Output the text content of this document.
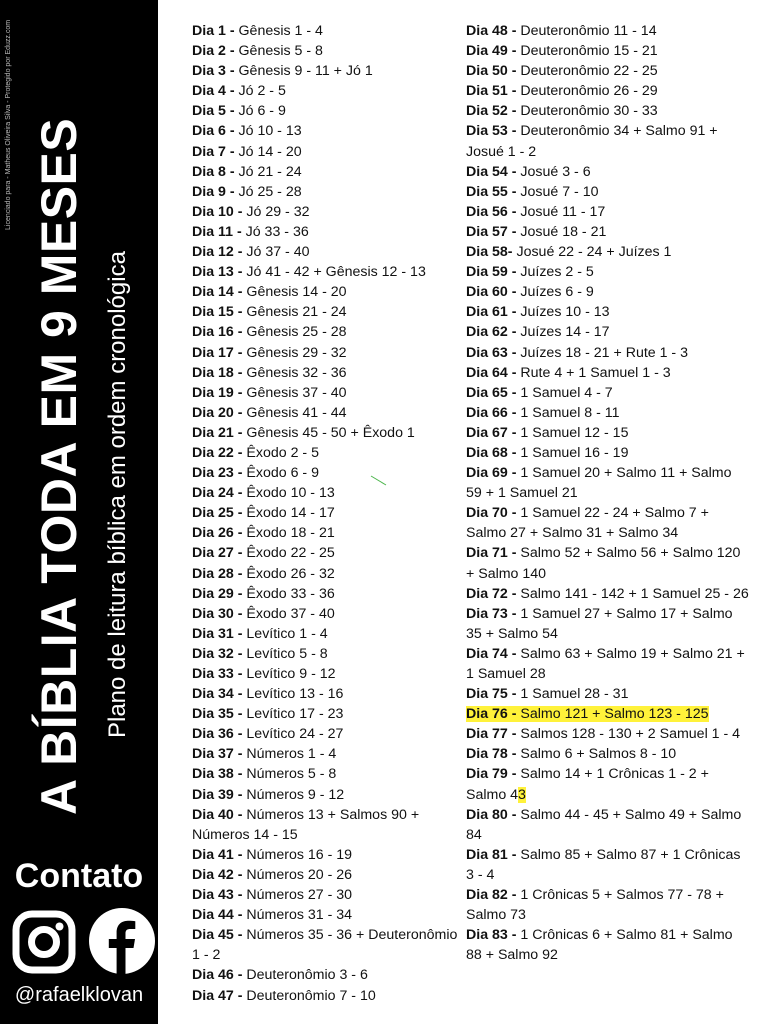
A BÍBLIA TODA EM 9 MESES Plano de leitura bíblica em ordem cronológica
Licenciado para - Matheus Oliveira Silva - Protegido por Eduzz.com
Contato
@rafaelklovan
Dia 1 - Gênesis 1 - 4
Dia 2 - Gênesis 5 - 8
Dia 3 - Gênesis 9 - 11 + Jó 1
Dia 4 - Jó 2 - 5
Dia 5 - Jó 6 - 9
Dia 6 - Jó 10 - 13
Dia 7 - Jó 14 - 20
Dia 8 - Jó 21 - 24
Dia 9 - Jó 25 - 28
Dia 10 - Jó 29 - 32
Dia 11 - Jó 33 - 36
Dia 12 - Jó 37 - 40
Dia 13 - Jó 41 - 42 + Gênesis 12 - 13
Dia 14 - Gênesis 14 - 20
Dia 15 - Gênesis 21 - 24
Dia 16 - Gênesis 25 - 28
Dia 17 - Gênesis 29 - 32
Dia 18 - Gênesis 32 - 36
Dia 19 - Gênesis 37 - 40
Dia 20 - Gênesis 41 - 44
Dia 21 - Gênesis 45 - 50 + Êxodo 1
Dia 22 - Êxodo 2 - 5
Dia 23 - Êxodo 6 - 9
Dia 24 - Êxodo 10 - 13
Dia 25 - Êxodo 14 - 17
Dia 26 - Êxodo 18 - 21
Dia 27 - Êxodo 22 - 25
Dia 28 - Êxodo 26 - 32
Dia 29 - Êxodo 33 - 36
Dia 30 - Êxodo 37 - 40
Dia 31 - Levítico 1 - 4
Dia 32 - Levítico 5 - 8
Dia 33 - Levítico 9 - 12
Dia 34 - Levítico 13 - 16
Dia 35 - Levítico 17 - 23
Dia 36 - Levítico 24 - 27
Dia 37 - Números 1 - 4
Dia 38 - Números 5 - 8
Dia 39 - Números 9 - 12
Dia 40 - Números 13 + Salmos 90 + Números 14 - 15
Dia 41 - Números 16 - 19
Dia 42 - Números 20 - 26
Dia 43 - Números 27 - 30
Dia 44 - Números 31 - 34
Dia 45 - Números 35 - 36 + Deuteronômio 1 - 2
Dia 46 - Deuteronômio 3 - 6
Dia 47 - Deuteronômio 7 - 10
Dia 48 - Deuteronômio 11 - 14
Dia 49 - Deuteronômio 15 - 21
Dia 50 - Deuteronômio 22 - 25
Dia 51 - Deuteronômio 26 - 29
Dia 52 - Deuteronômio 30 - 33
Dia 53 - Deuteronômio 34 + Salmo 91 + Josué 1 - 2
Dia 54 - Josué 3 - 6
Dia 55 - Josué 7 - 10
Dia 56 - Josué 11 - 17
Dia 57 - Josué 18 - 21
Dia 58- Josué 22 - 24 + Juízes 1
Dia 59 - Juízes 2 - 5
Dia 60 - Juízes 6 - 9
Dia 61 - Juízes 10 - 13
Dia 62 - Juízes 14 - 17
Dia 63 - Juízes 18 - 21 + Rute 1 - 3
Dia 64 - Rute 4 + 1 Samuel 1 - 3
Dia 65 - 1 Samuel 4 - 7
Dia 66 - 1 Samuel 8 - 11
Dia 67 - 1 Samuel 12 - 15
Dia 68 - 1 Samuel 16 - 19
Dia 69 - 1 Samuel 20 + Salmo 11 + Salmo 59 + 1 Samuel 21
Dia 70 - 1 Samuel 22 - 24 + Salmo 7 + Salmo 27 + Salmo 31 + Salmo 34
Dia 71 - Salmo 52 + Salmo 56 + Salmo 120 + Salmo 140
Dia 72 - Salmo 141 - 142 + 1 Samuel 25 - 26
Dia 73 - 1 Samuel 27 + Salmo 17 + Salmo 35 + Salmo 54
Dia 74 - Salmo 63 + Salmo 19 + Salmo 21 + 1 Samuel 28
Dia 75 - 1 Samuel 28 - 31
Dia 76 - Salmo 121 + Salmo 123 - 125
Dia 77 - Salmos 128 - 130 + 2 Samuel 1 - 4
Dia 78 - Salmo 6 + Salmos 8 - 10
Dia 79 - Salmo 14 + 1 Crônicas 1 - 2 + Salmo 43
Dia 80 - Salmo 44 - 45 + Salmo 49 + Salmo 84
Dia 81 - Salmo 85 + Salmo 87 + 1 Crônicas 3 - 4
Dia 82 - 1 Crônicas 5 + Salmos 77 - 78 + Salmo 73
Dia 83 - 1 Crônicas 6 + Salmo 81 + Salmo 88 + Salmo 92
